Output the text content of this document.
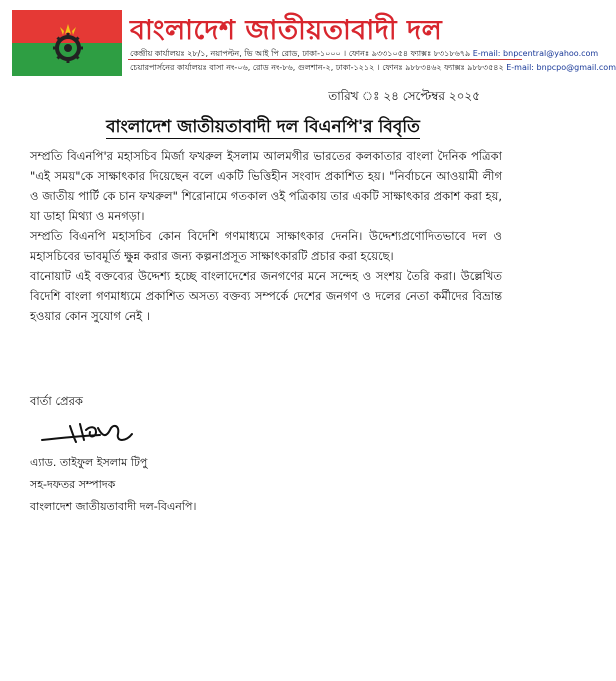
বাংলাদেশ জাতীয়তাবাদী দল
কেন্দ্রীয় কার্যালয়ঃ ২৮/১, নয়াপল্টন, ভি আই পি রোড, ঢাকা-১০০০ । ফোনঃ ৯৩৩১০৫৪ ফ্যাক্সঃ ৮৩১৮৬৭৯ E-mail: bnpcentral@yahoo.com
চেয়ারপার্সনের কার্যালয়ঃ বাসা নং-০৬, রোড নং-৮৬, গুলশান-২, ঢাকা-১২১২ । ফোনঃ ৯৮৮৩৪৬২ ফ্যাক্সঃ ৯৮৮৩৫৪২ E-mail: bnpcpo@gmail.com
তারিখ ঃ ২৪ সেপ্টেম্বর ২০২৫
বাংলাদেশ জাতীয়তাবাদী দল বিএনপি'র বিবৃতি

সম্প্রতি বিএনপি'র মহাসচিব মির্জা ফখরুল ইসলাম আলমগীর ভারতের কলকাতার বাংলা দৈনিক পত্রিকা "এই সময়"কে সাক্ষাৎকার দিয়েছেন বলে একটি ভিত্তিহীন সংবাদ প্রকাশিত হয়। "নির্বাচনে আওয়ামী লীগ ও জাতীয় পার্টি কে চান ফখরুল" শিরোনামে গতকাল ওই পত্রিকায় তার একটি সাক্ষাৎকার প্রকাশ করা হয়, যা ডাহা মিথ্যা ও মনগড়া।

সম্প্রতি বিএনপি মহাসচিব কোন বিদেশি গণমাধ্যমে সাক্ষাৎকার দেননি। উদ্দেশ্যপ্রণোদিতভাবে দল ও মহাসচিবের ভাবমূর্তি ক্ষুন্ন করার জন্য কল্পনাপ্রসূত সাক্ষাৎকারটি প্রচার করা হয়েছে।

বানোয়াট এই বক্তব্যের উদ্দেশ্য হচ্ছে বাংলাদেশের জনগণের মনে সন্দেহ ও সংশয় তৈরি করা। উল্লেখিত বিদেশি বাংলা গণমাধ্যমে প্রকাশিত অসত্য বক্তব্য সম্পর্কে দেশের জনগণ ও দলের নেতা কর্মীদের বিভ্রান্ত হওয়ার কোন সুযোগ নেই ।

বার্তা প্রেরক
এ্যাড. তাইফুল ইসলাম টিপু
সহ-দফতর সম্পাদক
বাংলাদেশ জাতীয়তাবাদী দল-বিএনপি।
